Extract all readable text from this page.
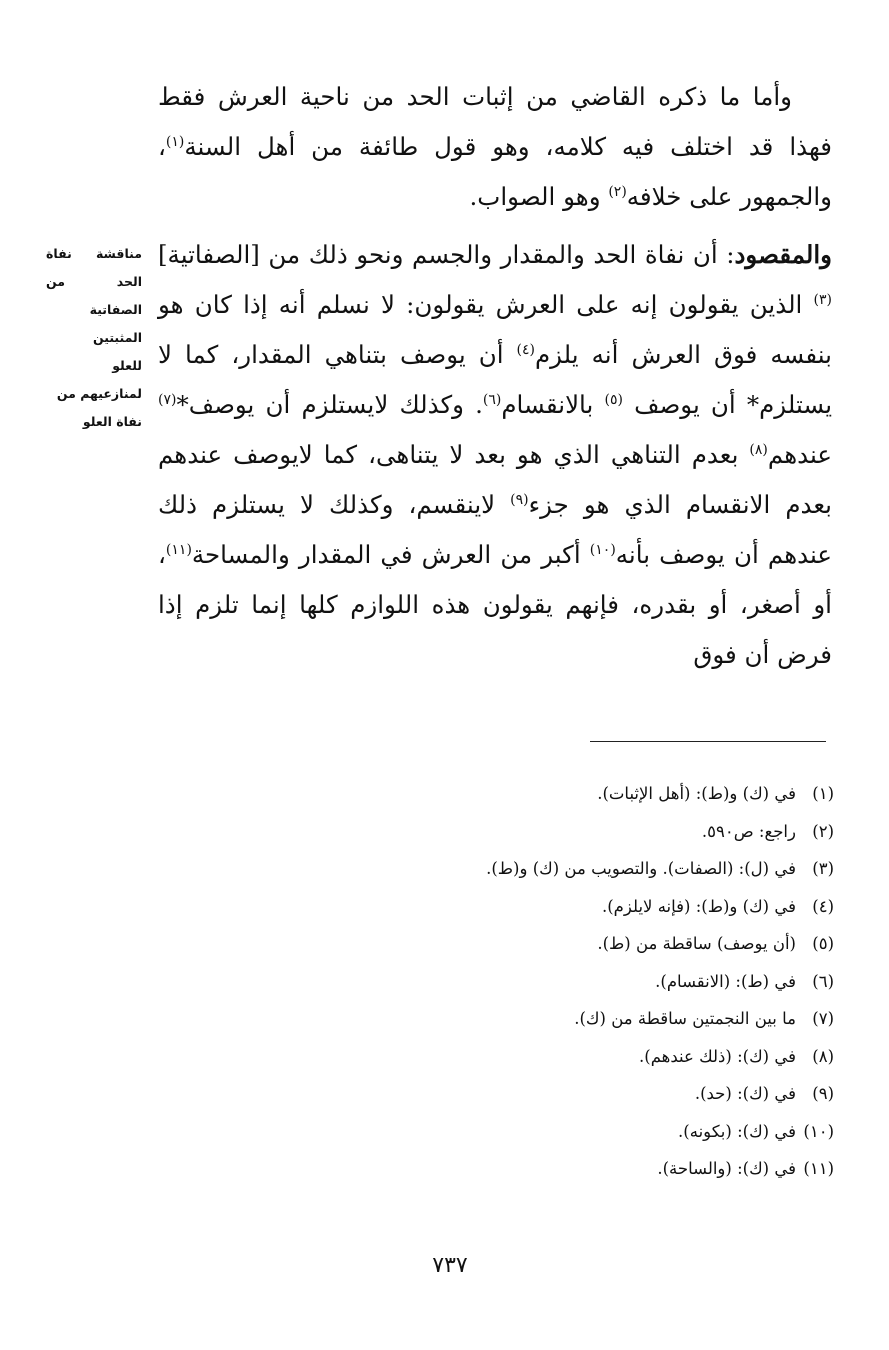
وأما ما ذكره القاضي من إثبات الحد من ناحية العرش فقط فهذا قد اختلف فيه كلامه، وهو قول طائفة من أهل السنة$^{(١)}$، والجمهور على خلافه$^{(٢)}$ وهو الصواب.

والمقصود: أن نفاة الحد والمقدار والجسم ونحو ذلك من [الصفاتية]$^{(٣)}$ الذين يقولون إنه على العرش يقولون: لا نسلم أنه إذا كان هو بنفسه فوق العرش أنه يلزم$^{(٤)}$ أن يوصف بتناهي المقدار، كما لا يستلزم* أن يوصف $^{(٥)}$ بالانقسام$^{(٦)}$. وكذلك لايستلزم أن يوصف*$^{(٧)}$ عندهم$^{(٨)}$ بعدم التناهي الذي هو بعد لا يتناهى، كما لايوصف عندهم بعدم الانقسام الذي هو جزء$^{(٩)}$ لاينقسم، وكذلك لا يستلزم ذلك عندهم أن يوصف بأنه$^{(١٠)}$ أكبر من العرش في المقدار والمساحة$^{(١١)}$، أو أصغر، أو بقدره، فإنهم يقولون هذه اللوازم كلها إنما تلزم إذا فرض أن فوق

مناقشة نفاة
الحد من
الصفاتية
المثبتين
للعلو
لمنازعيهم من
نفاة العلو
(١)
في (ك) و(ط): (أهل الإثبات).
(٢)
راجع: ص٥٩٠.
(٣)
في (ل): (الصفات). والتصويب من (ك) و(ط).
(٤)
في (ك) و(ط): (فإنه لايلزم).
(٥)
(أن يوصف) ساقطة من (ط).
(٦)
في (ط): (الانقسام).
(٧)
ما بين النجمتين ساقطة من (ك).
(٨)
في (ك): (ذلك عندهم).
(٩)
في (ك): (حد).
(١٠)
في (ك): (بكونه).
(١١)
في (ك): (والساحة).
٧٣٧
